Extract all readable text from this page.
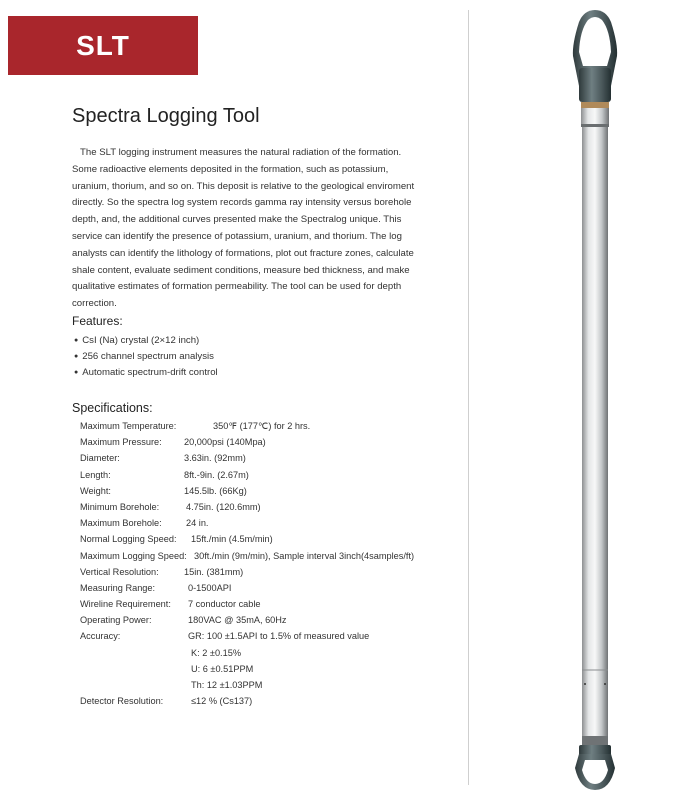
SLT
Spectra Logging Tool

The SLT logging instrument measures the natural radiation of the formation. Some radioactive elements deposited in the formation, such as potassium, uranium, thorium, and so on. This deposit is relative to the geological enviroment directly. So the spectra log system records gamma ray intensity versus borehole depth, and, the additional curves presented make the Spectralog unique. This service can identify the presence of potassium, uranium, and thorium. The log analysts can identify the lithology of formations, plot out fracture zones, calculate shale content, evaluate sediment conditions, measure bed thickness, and make qualitative estimates of formation permeability. The tool can be used for depth correction.

Features:
● CsI (Na) crystal (2×12 inch)
● 256 channel spectrum analysis
● Automatic spectrum-drift control
Specifications:
Maximum Temperature:	350℉ (177℃) for 2 hrs.
Maximum Pressure: 20,000psi (140Mpa)
Diameter:	3.63in. (92mm)
Length:	8ft.-9in. (2.67m)
Weight:	145.5lb. (66Kg)
Minimum Borehole:	4.75in. (120.6mm)
Maximum Borehole:	24 in.
Normal Logging Speed: 15ft./min (4.5m/min)
Maximum Logging Speed: 30ft./min (9m/min), Sample interval 3inch(4samples/ft)
Vertical Resolution:	15in. (381mm)
Measuring Range:	0-1500API
Wireline Requirement: 7 conductor cable
Operating Power:	180VAC @ 35mA, 60Hz
Accuracy:	GR: 100 ±1.5API to 1.5% of measured value
K: 2 ±0.15%
U: 6 ±0.51PPM
Th: 12 ±1.03PPM
Detector Resolution:	≤12 % (Cs137)
